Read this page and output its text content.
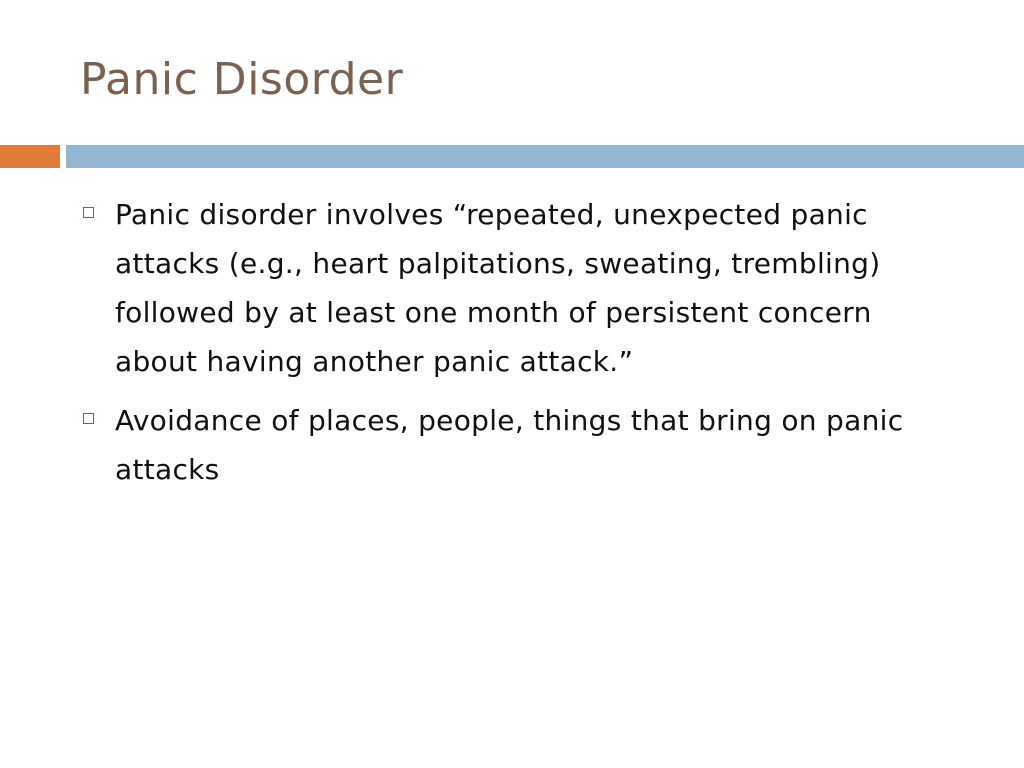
Panic Disorder
Panic disorder involves “repeated, unexpected panic attacks (e.g., heart palpitations, sweating, trembling) followed by at least one month of persistent concern about having another panic attack.”
Avoidance of places, people, things that bring on panic attacks
